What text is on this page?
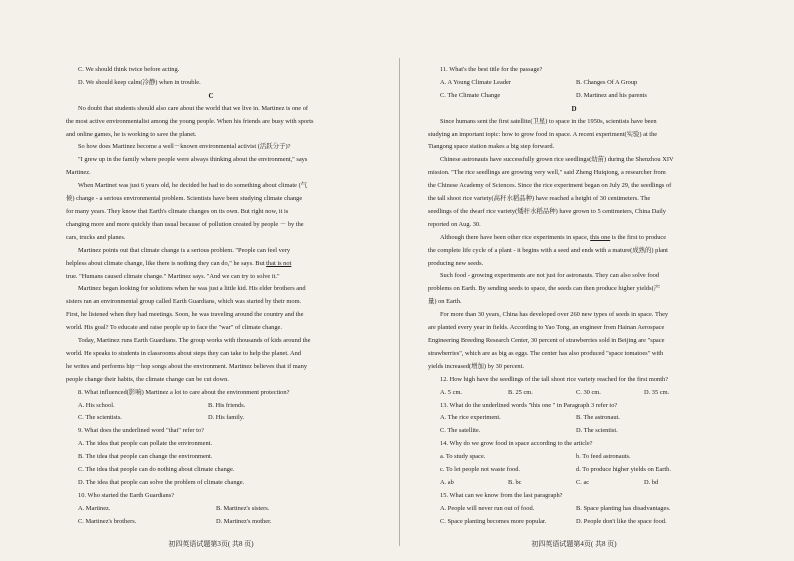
C. We should think twice before acting.
D. We should keep calm(冷静) when in trouble.
C
No doubt that students should also care about the world that we live in. Martinez is one of
the most active environmentalist among the young people. When his friends are busy with sports
and online games, he is working to save the planet.
So how does Martinez become a well－known environmental activist (活跃分子)?
"I grew up in the family where people were always thinking about the environment," says
Martinez.
When Martinet was just 6 years old, he decided he had to do something about climate (气
候) change - a serious environmental problem. Scientists have been studying climate change
for many years. They know that Earth's climate changes on its own. But right now, it is
changing more and more quickly than usual because of pollution created by people － by the
cars, trucks and planes.
Martinez points out that climate change is a serious problem. "People can feel very
helpless about climate change, like there is nothing they can do," he says. But that is not
true. "Humans caused climate change." Martinez says. "And we can try to solve it."
Martinez began looking for solutions when he was just a little kid. His elder brothers and
sisters ran an environmental group called Earth Guardians, which was started by their mom.
First, he listened when they had meetings. Soon, he was traveling around the country and the
world. His goal? To educate and raise people up to face the "war" of climate change.
Today, Martinez runs Earth Guardians. The group works with thousands of kids around the
world. He speaks to students in classrooms about steps they can take to help the planet. And
he writes and performs hip－hop songs about the environment. Martinez believes that if many
people change their habits, the climate change can be cut down.
8. What influenced(影响) Martinez a lot to care about the environment protection?
A. His school.	B. His friends.
C. The scientists.	D. His family.
9. What does the underlined word "that" refer to?
A. The idea that people can pollate the environment.
B. The idea that people can change the environment.
C. The idea that people can do nothing about climate change.
D. The idea that people can solve the problem of climate change.
10. Who started the Earth Guardians?
A. Martinez.	B. Martinez's sisters.
C. Martinez's brothers.	D. Martinez's mother.
初四英语试题第3页( 共8 页)
11. What's the best title for the passage?
A. A Young Climate Leader	B. Changes Of A Group
C. The Climate Change	D. Martinez and his parents
D
Since humans sent the first satellite(卫星) to space in the 1950s, scientists have been
studying an important topic: how to grow food in space. A recent experiment(实验) at the
Tiangong space station makes a big step forward.
Chinese astronauts have successfully grown rice seedlings(幼苗) during the Shenzhou XIV
mission. "The rice seedlings are growing very well," said Zheng Huiqiong, a researcher from
the Chinese Academy of Sciences. Since the rice experiment began on July 29, the seedlings of
the tall shoot rice variety(高秆水稻品种) have reached a height of 30 centimeters. The
seedlings of the dwarf rice variety(矮秆水稻品种) have grown to 5 centimeters, China Daily
reported on Aug. 30.
Although there have been other rice experiments in space, this one is the first to produce
the complete life cycle of a plant - it begins with a seed and ends with a mature(成熟的) plant
producing new seeds.
Such food - growing experiments are not just for astronauts. They can also solve food
problems on Earth. By sending seeds to space, the seeds can then produce higher yields(产
量) on Earth.
For more than 30 years, China has developed over 260 new types of seeds in space. They
are planted every year in fields. According to Yao Tong, an engineer from Hainan Aerospace
Engineering Breeding Research Center, 30 percent of strawberries sold in Beijing are "space
strawberries", which are as big as eggs. The center has also produced "space tomatoes" with
yields increased(增加) by 30 percent.
12. How high have the seedlings of the tall shoot rice variety reached for the first month?
A. 5 cm.	B. 25 cm.	C. 30 cm.	D. 35 cm.
13. What do the underlined words "this one " in Paragraph 3 refer to?
A. The rice experiment.	B. The astronaut.
C. The satellite.	D. The scientist.
14. Why do we grow food in space according to the article?
a. To study space.	b. To feed astronauts.
c. To let people not waste food.	d. To produce higher yields on Earth.
A. ab	B. bc	C. ac	D. bd
15. What can we know from the last paragraph?
A. People will never run out of food.	B. Space planting has disadvantages.
C. Space planting becomes more popular.	D. People don't like the space food.
初四英语试题第4页( 共8 页)
